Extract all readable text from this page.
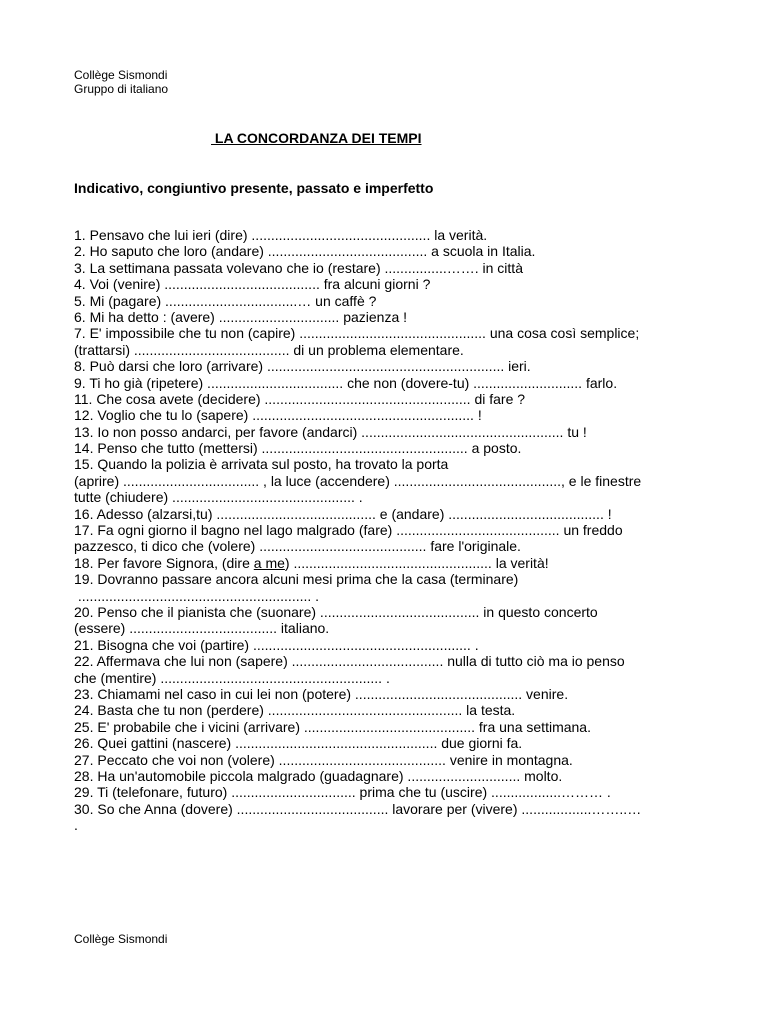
Collège Sismondi
Gruppo di italiano
LA CONCORDANZA DEI TEMPI
Indicativo, congiuntivo presente, passato e imperfetto
1. Pensavo che lui ieri (dire) .............................................. la verità.
2. Ho saputo che loro (andare) ......................................... a scuola in Italia.
3. La settimana passata volevano che io (restare) ................……. in città
4. Voi (venire) ........................................ fra alcuni giorni ?
5. Mi (pagare) ..................................… un caffè ?
6. Mi ha detto : (avere) ............................... pazienza !
7. E' impossibile che tu non (capire) ................................................ una cosa così semplice;
(trattarsi) ........................................ di un problema elementare.
8. Può darsi che loro (arrivare) ............................................................. ieri.
9. Ti ho già (ripetere) ................................... che non (dovere-tu) ............................ farlo.
11. Che cosa avete (decidere) ..................................................... di fare ?
12. Voglio che tu lo (sapere) ......................................................... !
13. Io non posso andarci, per favore (andarci) .................................................... tu !
14. Penso che tutto (mettersi) ..................................................... a posto.
15. Quando la polizia è arrivata sul posto, ha trovato la porta
(aprire) ................................... , la luce (accendere) ..........................................., e le finestre
tutte (chiudere) ............................................... .
16. Adesso (alzarsi,tu) ......................................... e (andare) ........................................ !
17. Fa ogni giorno il bagno nel lago malgrado (fare) .......................................... un freddo
pazzesco, ti dico che (volere) ........................................... fare l'originale.
18. Per favore Signora, (dire a me) ................................................... la verità!
19. Dovranno passare ancora alcuni mesi prima che la casa (terminare)
............................................................ .
20. Penso che il pianista che (suonare) ......................................... in questo concerto
(essere) ...................................... italiano.
21. Bisogna che voi (partire) ........................................................ .
22. Affermava che lui non (sapere) ....................................... nulla di tutto ciò ma io penso
che (mentire) ......................................................... .
23. Chiamami nel caso in cui lei non (potere) ........................................... venire.
24. Basta che tu non (perdere) .................................................. la testa.
25. E' probabile che i vicini (arrivare) ............................................ fra una settimana.
26. Quei gattini (nascere) .................................................... due giorni fa.
27. Peccato che voi non (volere) ........................................... venire in montagna.
28. Ha un'automobile piccola malgrado (guadagnare) ............................. molto.
29. Ti (telefonare, futuro) ................................ prima che tu (uscire) ..................……… .
30. So che Anna (dovere) ....................................... lavorare per (vivere) ..................……..…
.
Collège Sismondi
